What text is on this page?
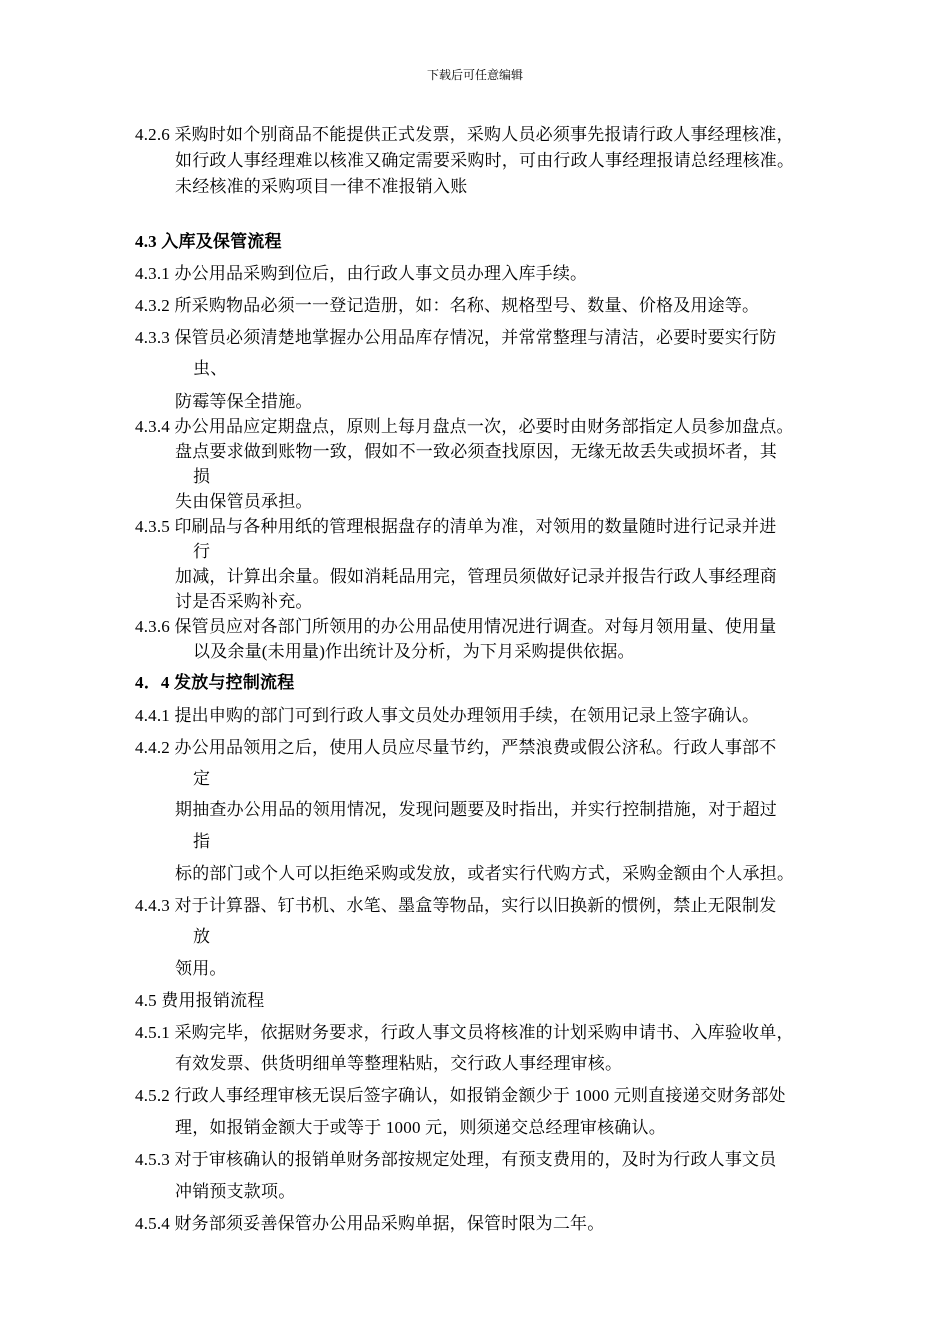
下载后可任意编辑
4.2.6 采购时如个别商品不能提供正式发票，采购人员必须事先报请行政人事经理核准，
如行政人事经理难以核准又确定需要采购时，可由行政人事经理报请总经理核准。
未经核准的采购项目一律不准报销入账
4.3 入库及保管流程
4.3.1 办公用品采购到位后，由行政人事文员办理入库手续。
4.3.2 所采购物品必须一一登记造册，如：名称、规格型号、数量、价格及用途等。
4.3.3 保管员必须清楚地掌握办公用品库存情况，并常常整理与清洁，必要时要实行防
虫、
防霉等保全措施。
4.3.4 办公用品应定期盘点，原则上每月盘点一次，必要时由财务部指定人员参加盘点。
盘点要求做到账物一致，假如不一致必须查找原因，无缘无故丢失或损坏者，其
损
失由保管员承担。
4.3.5 印刷品与各种用纸的管理根据盘存的清单为准，对领用的数量随时进行记录并进
行
加减，计算出余量。假如消耗品用完，管理员须做好记录并报告行政人事经理商
讨是否采购补充。
4.3.6 保管员应对各部门所领用的办公用品使用情况进行调查。对每月领用量、使用量
以及余量(未用量)作出统计及分析，为下月采购提供依据。
4．4 发放与控制流程
4.4.1 提出申购的部门可到行政人事文员处办理领用手续，在领用记录上签字确认。
4.4.2 办公用品领用之后，使用人员应尽量节约，严禁浪费或假公济私。行政人事部不
定
期抽查办公用品的领用情况，发现问题要及时指出，并实行控制措施，对于超过
指
标的部门或个人可以拒绝采购或发放，或者实行代购方式，采购金额由个人承担。
4.4.3 对于计算器、钉书机、水笔、墨盒等物品，实行以旧换新的惯例，禁止无限制发
放
领用。
4.5 费用报销流程
4.5.1 采购完毕，依据财务要求，行政人事文员将核准的计划采购申请书、入库验收单，
有效发票、供货明细单等整理粘贴，交行政人事经理审核。
4.5.2 行政人事经理审核无误后签字确认，如报销金额少于 1000 元则直接递交财务部处
理，如报销金额大于或等于 1000 元，则须递交总经理审核确认。
4.5.3 对于审核确认的报销单财务部按规定处理，有预支费用的，及时为行政人事文员
冲销预支款项。
4.5.4 财务部须妥善保管办公用品采购单据，保管时限为二年。
